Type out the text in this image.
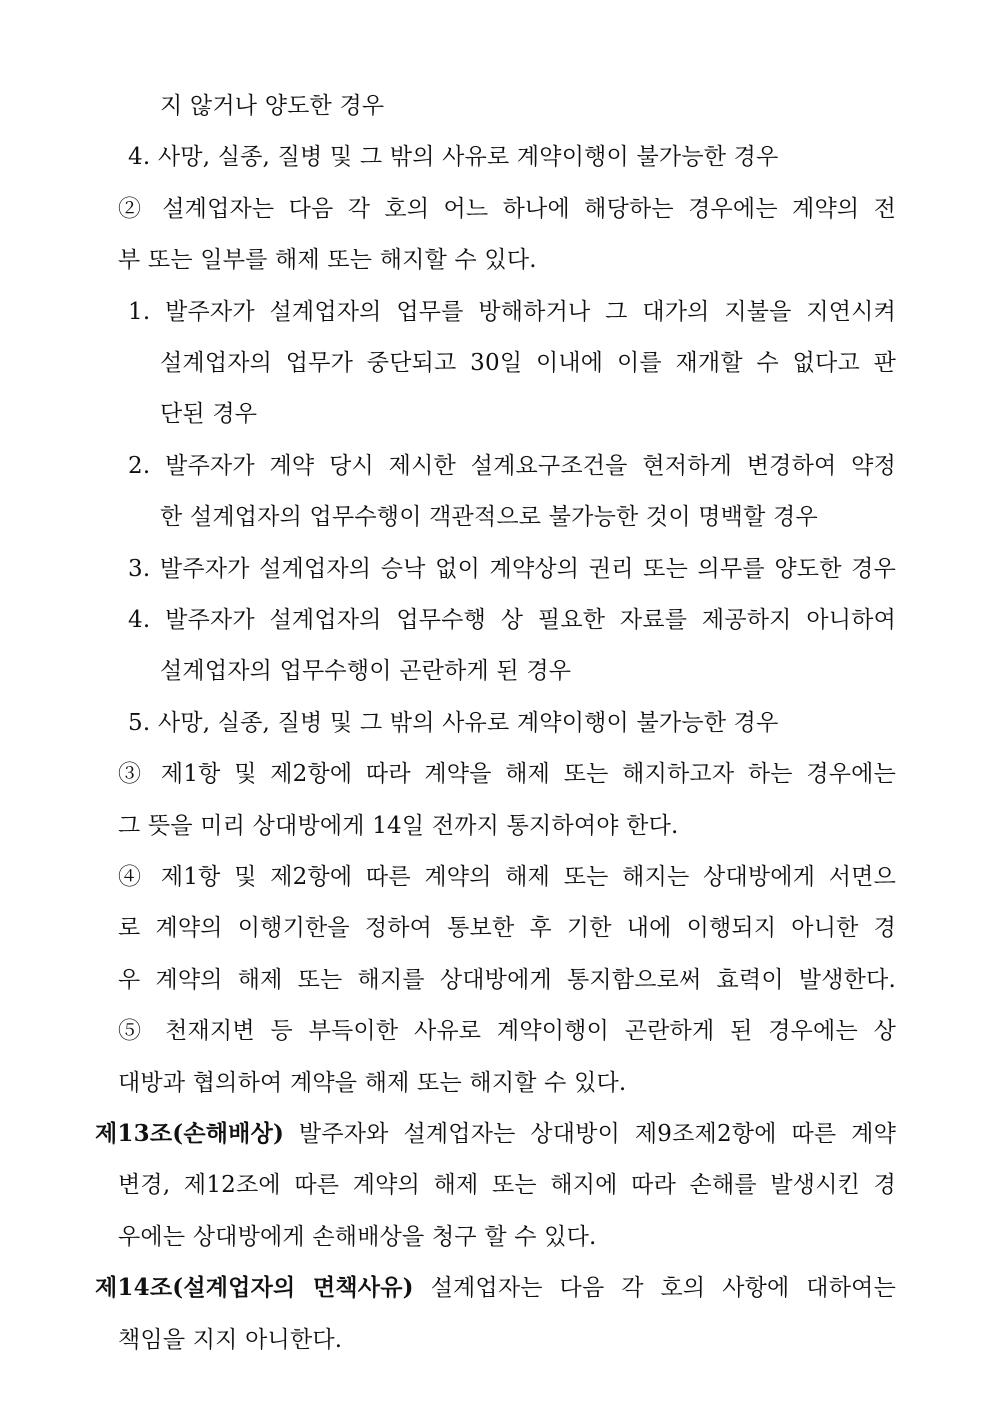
지 않거나 양도한 경우
4. 사망, 실종, 질병 및 그 밖의 사유로 계약이행이 불가능한 경우
② 설계업자는 다음 각 호의 어느 하나에 해당하는 경우에는 계약의 전
부 또는 일부를 해제 또는 해지할 수 있다.
1. 발주자가 설계업자의 업무를 방해하거나 그 대가의 지불을 지연시켜
설계업자의 업무가 중단되고 30일 이내에 이를 재개할 수 없다고 판
단된 경우
2. 발주자가 계약 당시 제시한 설계요구조건을 현저하게 변경하여 약정
한 설계업자의 업무수행이 객관적으로 불가능한 것이 명백할 경우
3. 발주자가 설계업자의 승낙 없이 계약상의 권리 또는 의무를 양도한 경우
4. 발주자가 설계업자의 업무수행 상 필요한 자료를 제공하지 아니하여
설계업자의 업무수행이 곤란하게 된 경우
5. 사망, 실종, 질병 및 그 밖의 사유로 계약이행이 불가능한 경우
③ 제1항 및 제2항에 따라 계약을 해제 또는 해지하고자 하는 경우에는
그 뜻을 미리 상대방에게 14일 전까지 통지하여야 한다.
④ 제1항 및 제2항에 따른 계약의 해제 또는 해지는 상대방에게 서면으
로 계약의 이행기한을 정하여 통보한 후 기한 내에 이행되지 아니한 경
우 계약의 해제 또는 해지를 상대방에게 통지함으로써 효력이 발생한다.
⑤ 천재지변 등 부득이한 사유로 계약이행이 곤란하게 된 경우에는 상
대방과 협의하여 계약을 해제 또는 해지할 수 있다.
제13조(손해배상) 발주자와 설계업자는 상대방이 제9조제2항에 따른 계약
변경, 제12조에 따른 계약의 해제 또는 해지에 따라 손해를 발생시킨 경
우에는 상대방에게 손해배상을 청구 할 수 있다.
제14조(설계업자의 면책사유) 설계업자는 다음 각 호의 사항에 대하여는
책임을 지지 아니한다.
